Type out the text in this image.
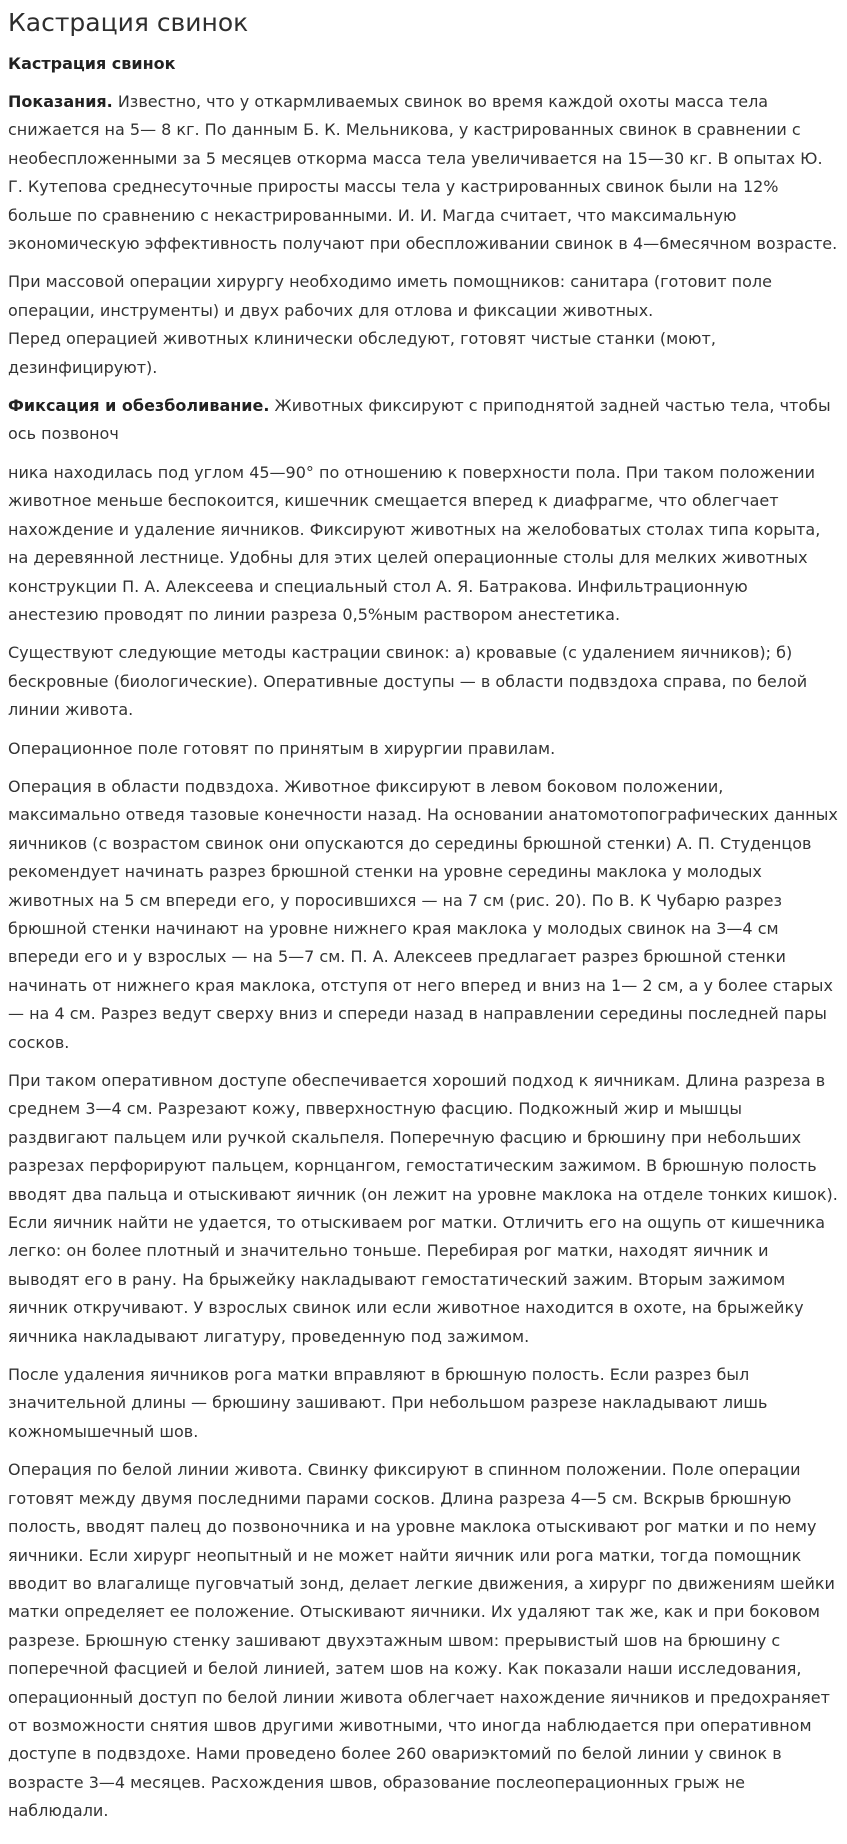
Кастрация свинок
Кастрация свинок

Показания. Известно, что у откармливаемых свинок во время каждой охоты масса тела снижается на 5— 8 кг. По данным Б. К. Мельникова, у кастрированных свинок в сравнении с необеспложенными за 5 месяцев откорма масса тела увеличивается на 15—30 кг. В опытах Ю. Г. Кутепова среднесуточные приросты массы тела у кастрированных свинок были на 12% больше по сравнению с некастрированными. И. И. Магда считает, что максимальную экономическую эффективность получают при обеспложивании свинок в 4—6месячном возрасте.

При массовой операции хирургу необходимо иметь помощников: санитара (готовит поле операции, инструменты) и двух рабочих для отлова и фиксации животных.
Перед операцией животных клинически обследуют, готовят чистые станки (моют, дезинфицируют).

Фиксация и обезболивание. Животных фиксируют с приподнятой задней частью тела, чтобы ось позвоноч

ника находилась под углом 45—90° по отношению к поверхности пола. При таком положении животное меньше беспокоится, кишечник смещается вперед к диафрагме, что облегчает нахождение и удаление яичников. Фиксируют животных на желобоватых столах типа корыта, на деревянной лестнице. Удобны для этих целей операционные столы для мелких животных конструкции П. А. Алексеева и специальный стол А. Я. Батракова. Инфильтрационную анестезию проводят по линии разреза 0,5%ным раствором анестетика.

Существуют следующие методы кастрации свинок: а) кровавые (с удалением яичников); б) бескровные (биологические). Оперативные доступы — в области подвздоха справа, по белой линии живота.

Операционное поле готовят по принятым в хирургии правилам.

Операция в области подвздоха. Животное фиксируют в левом боковом положении, максимально отведя тазовые конечности назад. На основании анатомотопографических данных яичников (с возрастом свинок они опускаются до середины брюшной стенки) А. П. Студенцов рекомендует начинать разрез брюшной стенки на уровне середины маклока у молодых животных на 5 см впереди его, у поросившихся — на 7 см (рис. 20). По В. К Чубарю разрез брюшной стенки начинают на уровне нижнего края маклока у молодых свинок на 3—4 см впереди его и у взрослых — на 5—7 см. П. А. Алексеев предлагает разрез брюшной стенки начинать от нижнего края маклока, отступя от него вперед и вниз на 1— 2 см, а у более старых — на 4 см. Разрез ведут сверху вниз и спереди назад в направлении середины последней пары сосков.

При таком оперативном доступе обеспечивается хороший подход к яичникам. Длина разреза в среднем 3—4 см. Разрезают кожу, пвверхностную фасцию. Подкожный жир и мышцы раздвигают пальцем или ручкой скальпеля. Поперечную фасцию и брюшину при небольших разрезах перфорируют пальцем, корнцангом, гемостатическим зажимом. В брюшную полость вводят два пальца и отыскивают яичник (он лежит на уровне маклока на отделе тонких кишок). Если яичник найти не удается, то отыскиваем рог матки. Отличить его на ощупь от кишечника легко: он более плотный и значительно тоньше. Перебирая рог матки, находят яичник и выводят его в рану. На брыжейку накладывают гемостатический зажим. Вторым зажимом яичник откручивают. У взрослых свинок или если животное находится в охоте, на брыжейку яичника накладывают лигатуру, проведенную под зажимом.

После удаления яичников рога матки вправляют в брюшную полость. Если разрез был значительной длины — брюшину зашивают. При небольшом разрезе накладывают лишь кожномышечный шов.

Операция по белой линии живота. Свинку фиксируют в спинном положении. Поле операции готовят между двумя последними парами сосков. Длина разреза 4—5 см. Вскрыв брюшную полость, вводят палец до позвоночника и на уровне маклока отыскивают рог матки и по нему яичники. Если хирург неопытный и не может найти яичник или рога матки, тогда помощник вводит во влагалище пуговчатый зонд, делает легкие движения, а хирург по движениям шейки матки определяет ее положение. Отыскивают яичники. Их удаляют так же, как и при боковом разрезе. Брюшную стенку зашивают двухэтажным швом: прерывистый шов на брюшину с поперечной фасцией и белой линией, затем шов на кожу. Как показали наши исследования, операционный доступ по белой линии живота облегчает нахождение яичников и предохраняет от возможности снятия швов другими животными, что иногда наблюдается при оперативном доступе в подвздохе. Нами проведено более 260 овариэктомий по белой линии у свинок в возрасте 3—4 месяцев. Расхождения швов, образование послеоперационных грыж не наблюдали.
